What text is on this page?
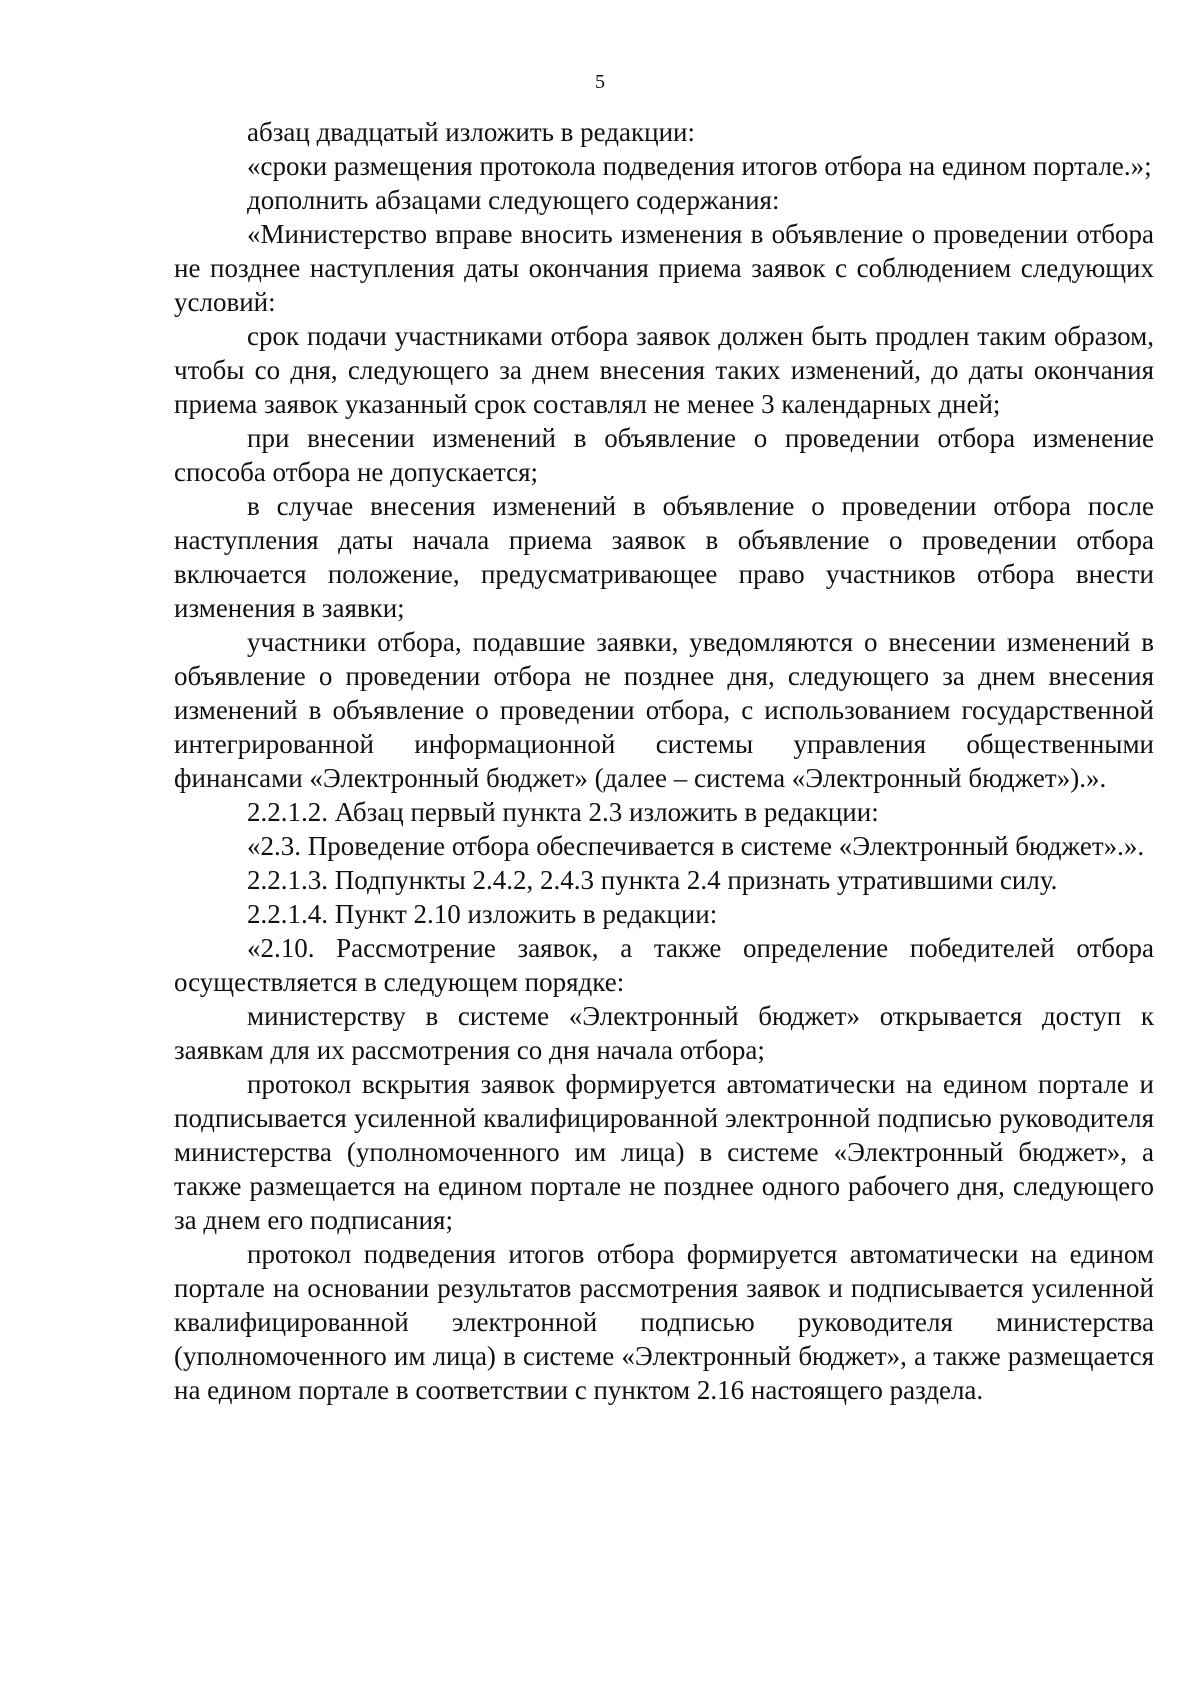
5

абзац двадцатый изложить в редакции:

«сроки размещения протокола подведения итогов отбора на едином портале.»;

дополнить абзацами следующего содержания:

«Министерство вправе вносить изменения в объявление о проведении отбора не позднее наступления даты окончания приема заявок с соблюдением следующих условий:

срок подачи участниками отбора заявок должен быть продлен таким образом, чтобы со дня, следующего за днем внесения таких изменений, до даты окончания приема заявок указанный срок составлял не менее 3 календарных дней;

при внесении изменений в объявление о проведении отбора изменение способа отбора не допускается;

в случае внесения изменений в объявление о проведении отбора после наступления даты начала приема заявок в объявление о проведении отбора включается положение, предусматривающее право участников отбора внести изменения в заявки;

участники отбора, подавшие заявки, уведомляются о внесении изменений в объявление о проведении отбора не позднее дня, следующего за днем внесения изменений в объявление о проведении отбора, с использованием государственной интегрированной информационной системы управления общественными финансами «Электронный бюджет» (далее – система «Электронный бюджет»).».

2.2.1.2. Абзац первый пункта 2.3 изложить в редакции:

«2.3. Проведение отбора обеспечивается в системе «Электронный бюджет».».

2.2.1.3. Подпункты 2.4.2, 2.4.3 пункта 2.4 признать утратившими силу.

2.2.1.4. Пункт 2.10 изложить в редакции:

«2.10. Рассмотрение заявок, а также определение победителей отбора осуществляется в следующем порядке:

министерству в системе «Электронный бюджет» открывается доступ к заявкам для их рассмотрения со дня начала отбора;

протокол вскрытия заявок формируется автоматически на едином портале и подписывается усиленной квалифицированной электронной подписью руководителя министерства (уполномоченного им лица) в системе «Электронный бюджет», а также размещается на едином портале не позднее одного рабочего дня, следующего за днем его подписания;

протокол подведения итогов отбора формируется автоматически на едином портале на основании результатов рассмотрения заявок и подписывается усиленной квалифицированной электронной подписью руководителя министерства (уполномоченного им лица) в системе «Электронный бюджет», а также размещается на едином портале в соответствии с пунктом 2.16 настоящего раздела.
